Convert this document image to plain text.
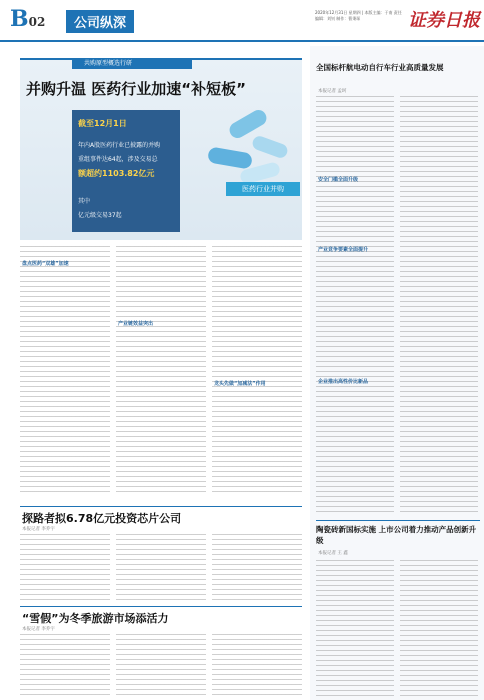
B02	公司纵深
2020年12月31日 星期四 | 本版主编：于南 责任编辑：刘钊 制作：曹秉琛	证券日报
共购原型概选行研
并购升温 医药行业加速“补短板”
截至12月1日
年内A股医药行业已披露的并购
重组事件达64起，涉及交易总
额超约1103.82亿元
其中
亿元级交易37起
医药行业并购
盘点医药“双雄”加速
产业链效益突出
龙头先做“加减法”作用
全国标杆航电动自行车行业高质量发展
本报记者 孟珂
安全门槛全面升级
产业竞争要素全面提升
企业推出高性价比新品
陶瓷砖新国标实施 上市公司着力推动产品创新升级
本报记者 王 鑫
探路者拟6.78亿元投资芯片公司
本报记者 李乔宇
“雪假”为冬季旅游市场添活力
本报记者 李乔宇
